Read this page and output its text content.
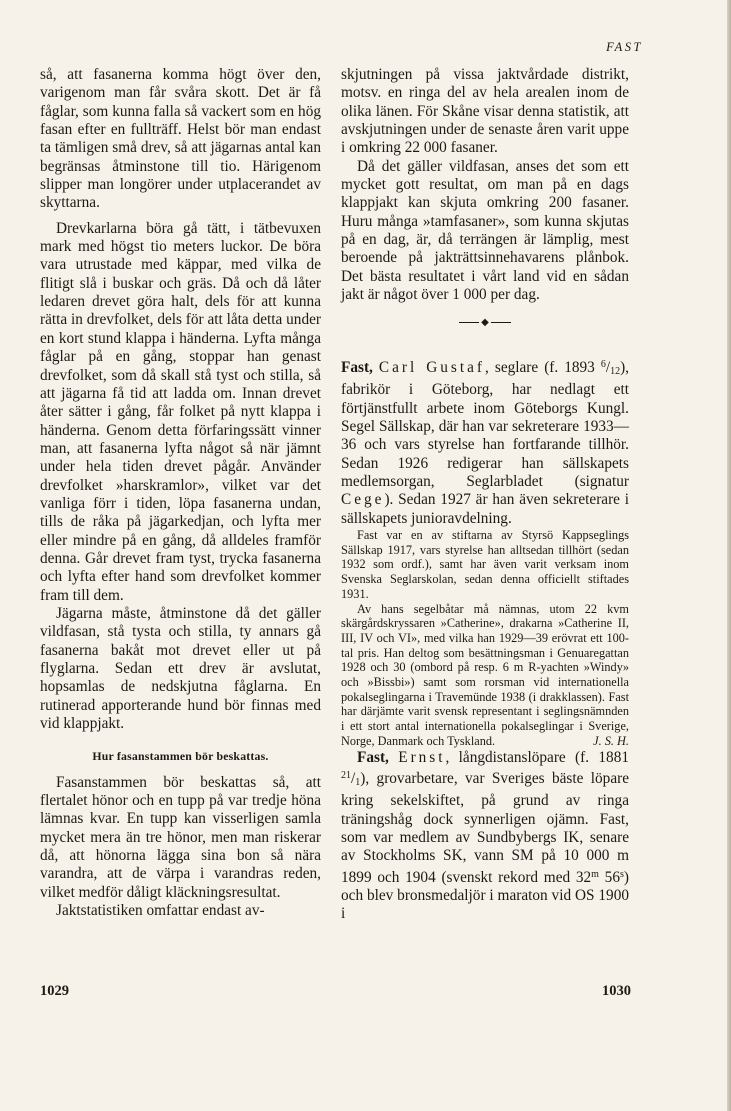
FAST

så, att fasanerna komma högt över den, varigenom man får svåra skott. Det är få fåglar, som kunna falla så vackert som en hög fasan efter en fullträff. Helst bör man endast ta tämligen små drev, så att jägarnas antal kan begränsas åtminstone till tio. Härigenom slipper man longörer under utplacerandet av skyttarna.

Drevkarlarna böra gå tätt, i tätbevuxen mark med högst tio meters luckor. De böra vara utrustade med käppar, med vilka de flitigt slå i buskar och gräs. Då och då låter ledaren drevet göra halt, dels för att kunna rätta in drevfolket, dels för att låta detta under en kort stund klappa i händerna. Lyfta många fåglar på en gång, stoppar han genast drevfolket, som då skall stå tyst och stilla, så att jägarna få tid att ladda om. Innan drevet åter sätter i gång, får folket på nytt klappa i händerna. Genom detta förfaringssätt vinner man, att fasanerna lyfta något så när jämnt under hela tiden drevet pågår. Använder drevfolket »harskramlor», vilket var det vanliga förr i tiden, löpa fasanerna undan, tills de råka på jägarkedjan, och lyfta mer eller mindre på en gång, då alldeles framför denna. Går drevet fram tyst, trycka fasanerna och lyfta efter hand som drevfolket kommer fram till dem.

Jägarna måste, åtminstone då det gäller vildfasan, stå tysta och stilla, ty annars gå fasanerna bakåt mot drevet eller ut på flyglarna. Sedan ett drev är avslutat, hopsamlas de nedskjutna fåglarna. En rutinerad apporterande hund bör finnas med vid klappjakt.

Hur fasanstammen bör beskattas.

Fasanstammen bör beskattas så, att flertalet hönor och en tupp på var tredje höna lämnas kvar. En tupp kan visserligen samla mycket mera än tre hönor, men man riskerar då, att hönorna lägga sina bon så nära varandra, att de värpa i varandras reden, vilket medför dåligt kläckningsresultat.

Jaktstatistiken omfattar endast av-

skjutningen på vissa jaktvårdade distrikt, motsv. en ringa del av hela arealen inom de olika länen. För Skåne visar denna statistik, att avskjutningen under de senaste åren varit uppe i omkring 22 000 fasaner.

Då det gäller vildfasan, anses det som ett mycket gott resultat, om man på en dags klappjakt kan skjuta omkring 200 fasaner. Huru många »tamfasaner», som kunna skjutas på en dag, är, då terrängen är lämplig, mest beroende på jakträttsinnehavarens plånbok. Det bästa resultatet i vårt land vid en sådan jakt är något över 1 000 per dag.

◆

Fast, Carl Gustaf, seglare (f. 1893 $^6/_{12}$), fabrikör i Göteborg, har nedlagt ett förtjänstfullt arbete inom Göteborgs Kungl. Segel Sällskap, där han var sekreterare 1933—36 och vars styrelse han fortfarande tillhör. Sedan 1926 redigerar han sällskapets medlemsorgan, Seglarbladet (signatur Cege). Sedan 1927 är han även sekreterare i sällskapets junioravdelning.

Fast var en av stiftarna av Styrsö Kappseglings Sällskap 1917, vars styrelse han alltsedan tillhört (sedan 1932 som ordf.), samt har även varit verksam inom Svenska Seglarskolan, sedan denna officiellt stiftades 1931.

Av hans segelbåtar må nämnas, utom 22 kvm skärgårdskryssaren »Catherine», drakarna »Catherine II, III, IV och VI», med vilka han 1929—39 erövrat ett 100-tal pris. Han deltog som besättningsman i Genuaregattan 1928 och 30 (ombord på resp. 6 m R-yachten »Windy» och »Bissbi») samt som rorsman vid internationella pokalseglingarna i Travemünde 1938 (i drakklassen). Fast har därjämte varit svensk representant i seglingsnämnden i ett stort antal internationella pokalseglingar i Sverige, Norge, Danmark och Tyskland.	J. S. H.

Fast, Ernst, långdistanslöpare (f. 1881 $^{21}/_1$), grovarbetare, var Sveriges bäste löpare kring sekelskiftet, på grund av ringa träningshåg dock synnerligen ojämn. Fast, som var medlem av Sundbybergs IK, senare av Stockholms SK, vann SM på 10 000 m 1899 och 1904 (svenskt rekord med 32$^m$ 56$^s$) och blev bronsmedaljör i maraton vid OS 1900 i

1029	1030
